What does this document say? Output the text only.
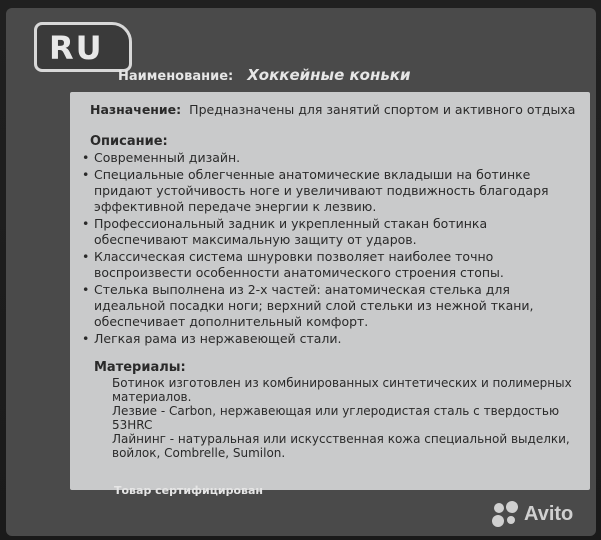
RU
Наименование: Хоккейные коньки
Назначение: Предназначены для занятий спортом и активного отдыха
Описание:
• Современный дизайн.
• Специальные облегченные анатомические вкладыши на ботинке придают устойчивость ноге и увеличивают подвижность благодаря эффективной передаче энергии к лезвию.
• Профессиональный задник и укрепленный стакан ботинка обеспечивают максимальную защиту от ударов.
• Классическая система шнуровки позволяет наиболее точно воспроизвести особенности анатомического строения стопы.
• Стелька выполнена из 2-х частей: анатомическая стелька для идеальной посадки ноги; верхний слой стельки из нежной ткани, обеспечивает дополнительный комфорт.
• Легкая рама из нержавеющей стали.
Материалы:
Ботинок изготовлен из комбинированных синтетических и полимерных материалов.
Лезвие - Carbon, нержавеющая или углеродистая сталь с твердостью 53HRC
Лайнинг - натуральная или искусственная кожа специальной выделки, войлок, Combrelle, Sumilon.
Товар сертифицирован
Avito
